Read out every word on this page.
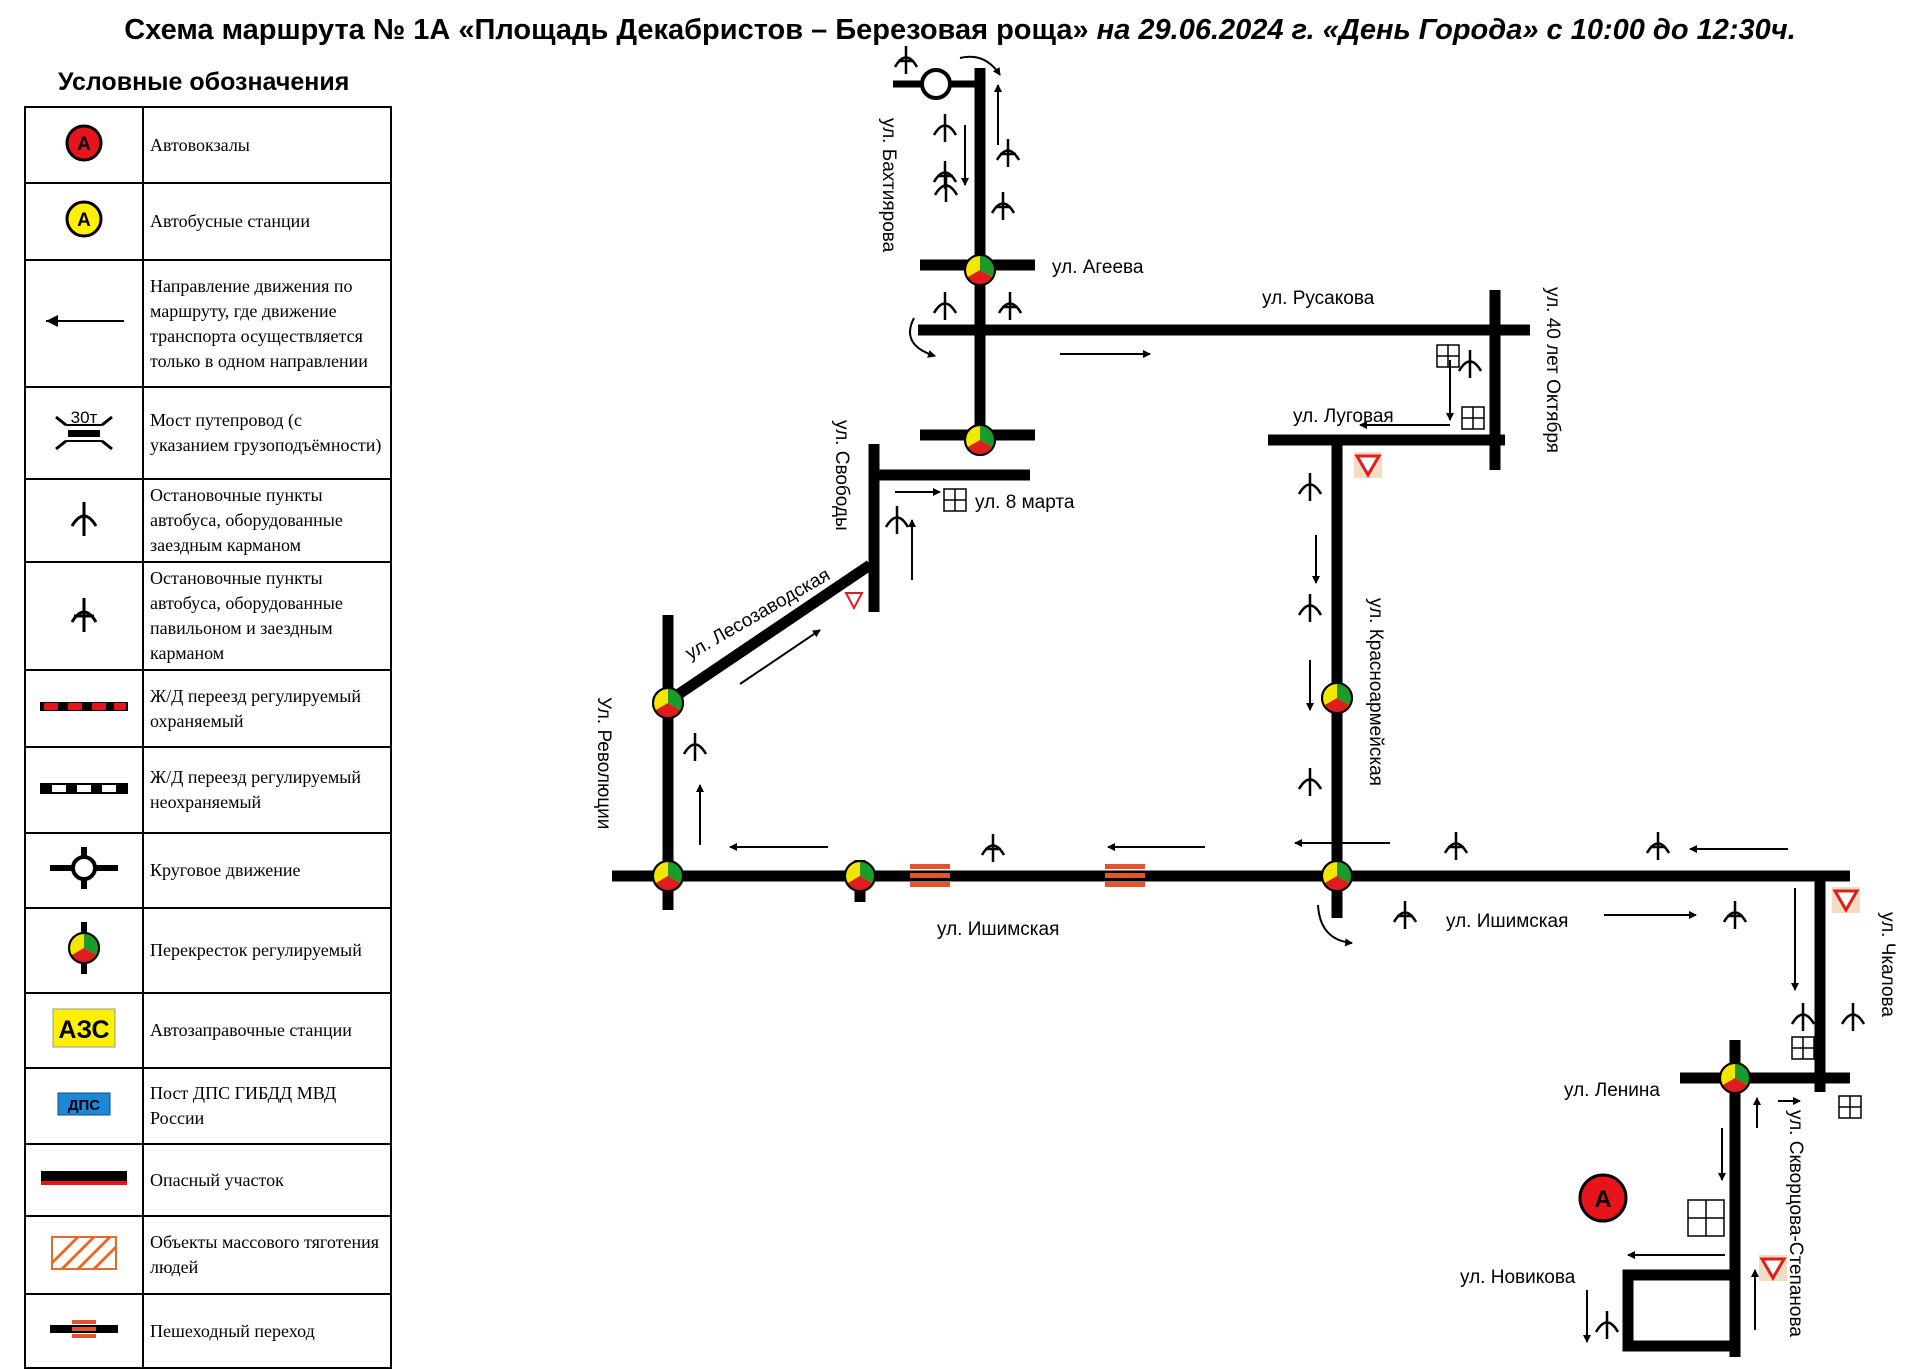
Схема маршрута № 1А «Площадь Декабристов – Березовая роща» на 29.06.2024 г. «День Города» с 10:00 до 12:30ч.
Условные обозначения
А	Автовокзалы

А	Автобусные станции
	Направление движения по маршруту, где движение транспорта осуществляется только в одном направлении

30т	Мост путепровод (с указанием грузоподъёмности)
	Остановочные пункты автобуса, оборудованные заездным карманом
	Остановочные пункты автобуса, оборудованные павильоном и заездным карманом
	Ж/Д переезд регулируемый охраняемый
	Ж/Д переезд регулируемый неохраняемый
	Круговое движение
	Перекресток регулируемый

АЗС	Автозаправочные станции

ДПС	Пост ДПС ГИБДД МВД России
	Опасный участок
	Объекты массового тяготения людей
	Пешеходный переход
А
ул. Бахтиярова
ул. Агеева
ул. Русакова	ул. 40 лет Октября
ул. Луговая
ул. Свободы	ул. 8 марта
ул. Лесозаводская	ул. Красноармейская
Ул. Революции
ул. Ишимская	ул. Ишимская	ул. Чкалова
ул. Ленина
ул. Скворцова-Степанова
ул. Новикова
